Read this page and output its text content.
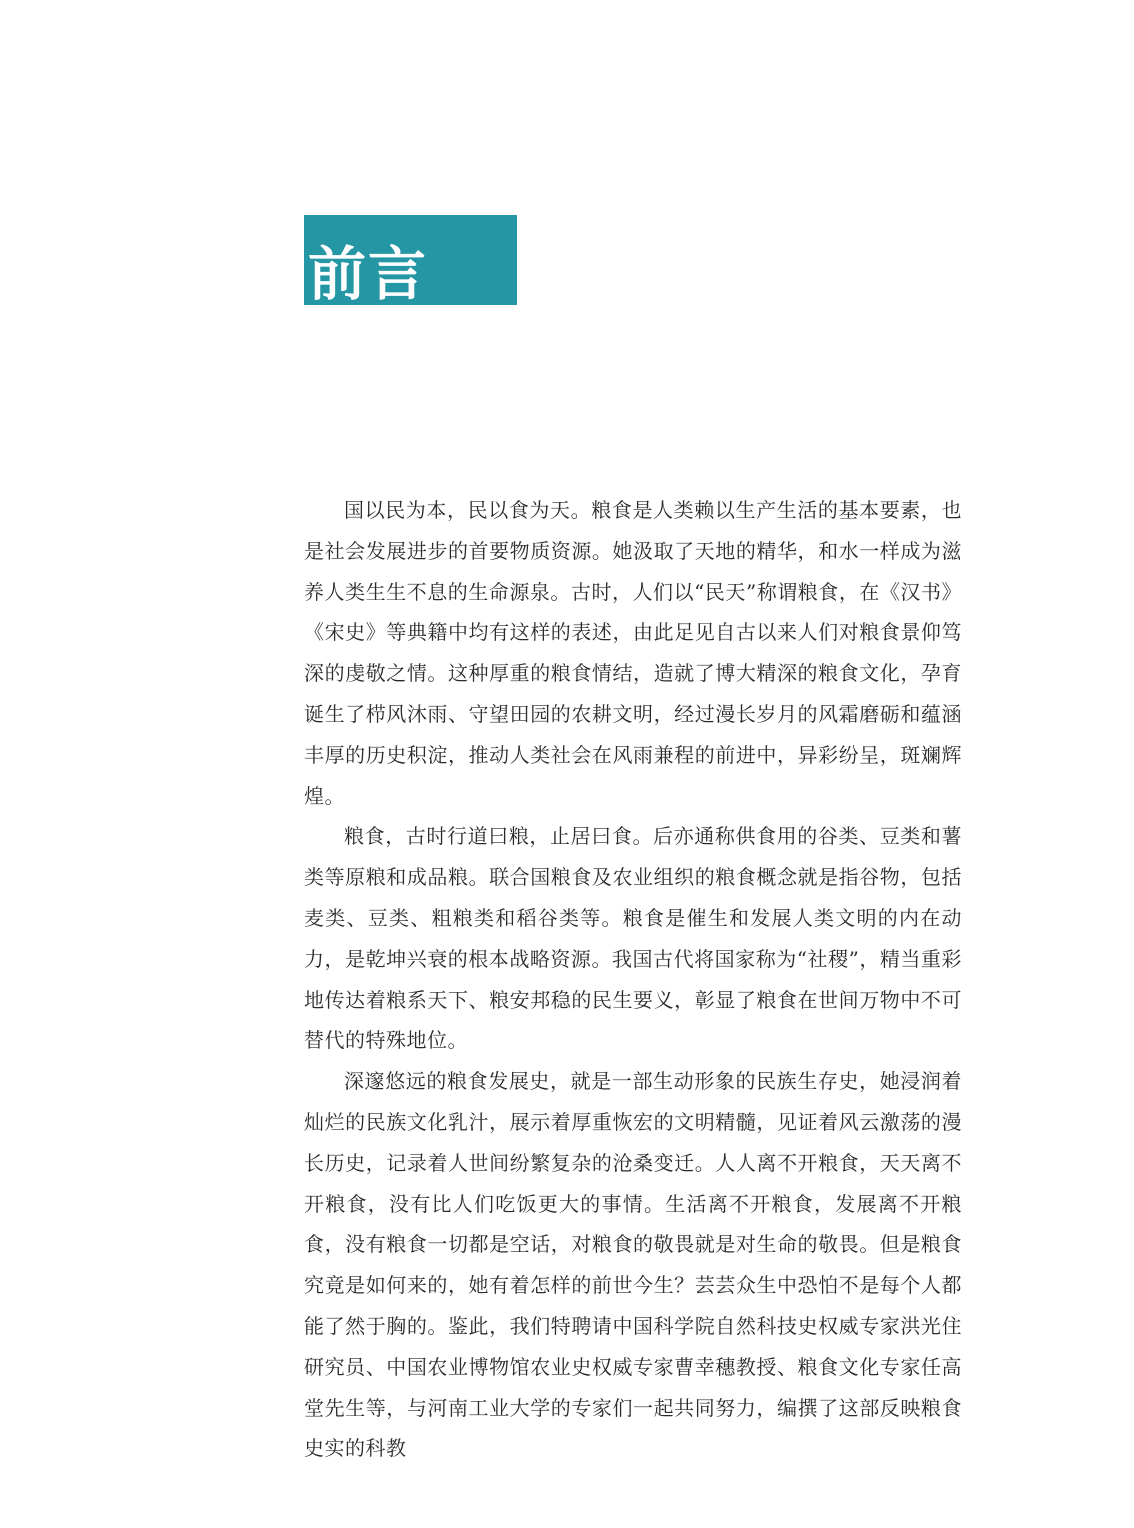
前言

国以民为本，民以食为天。粮食是人类赖以生产生活的基本要素，也是社会发展进步的首要物质资源。她汲取了天地的精华，和水一样成为滋养人类生生不息的生命源泉。古时，人们以“民天”称谓粮食，在《汉书》《宋史》等典籍中均有这样的表述，由此足见自古以来人们对粮食景仰笃深的虔敬之情。这种厚重的粮食情结，造就了博大精深的粮食文化，孕育诞生了栉风沐雨、守望田园的农耕文明，经过漫长岁月的风霜磨砺和蕴涵丰厚的历史积淀，推动人类社会在风雨兼程的前进中，异彩纷呈，斑斓辉煌。

粮食，古时行道曰粮，止居曰食。后亦通称供食用的谷类、豆类和薯类等原粮和成品粮。联合国粮食及农业组织的粮食概念就是指谷物，包括麦类、豆类、粗粮类和稻谷类等。粮食是催生和发展人类文明的内在动力，是乾坤兴衰的根本战略资源。我国古代将国家称为“社稷”，精当重彩地传达着粮系天下、粮安邦稳的民生要义，彰显了粮食在世间万物中不可替代的特殊地位。

深邃悠远的粮食发展史，就是一部生动形象的民族生存史，她浸润着灿烂的民族文化乳汁，展示着厚重恢宏的文明精髓，见证着风云激荡的漫长历史，记录着人世间纷繁复杂的沧桑变迁。人人离不开粮食，天天离不开粮食，没有比人们吃饭更大的事情。生活离不开粮食，发展离不开粮食，没有粮食一切都是空话，对粮食的敬畏就是对生命的敬畏。但是粮食究竟是如何来的，她有着怎样的前世今生？芸芸众生中恐怕不是每个人都能了然于胸的。鉴此，我们特聘请中国科学院自然科技史权威专家洪光住研究员、中国农业博物馆农业史权威专家曹幸穗教授、粮食文化专家任高堂先生等，与河南工业大学的专家们一起共同努力，编撰了这部反映粮食史实的科教
